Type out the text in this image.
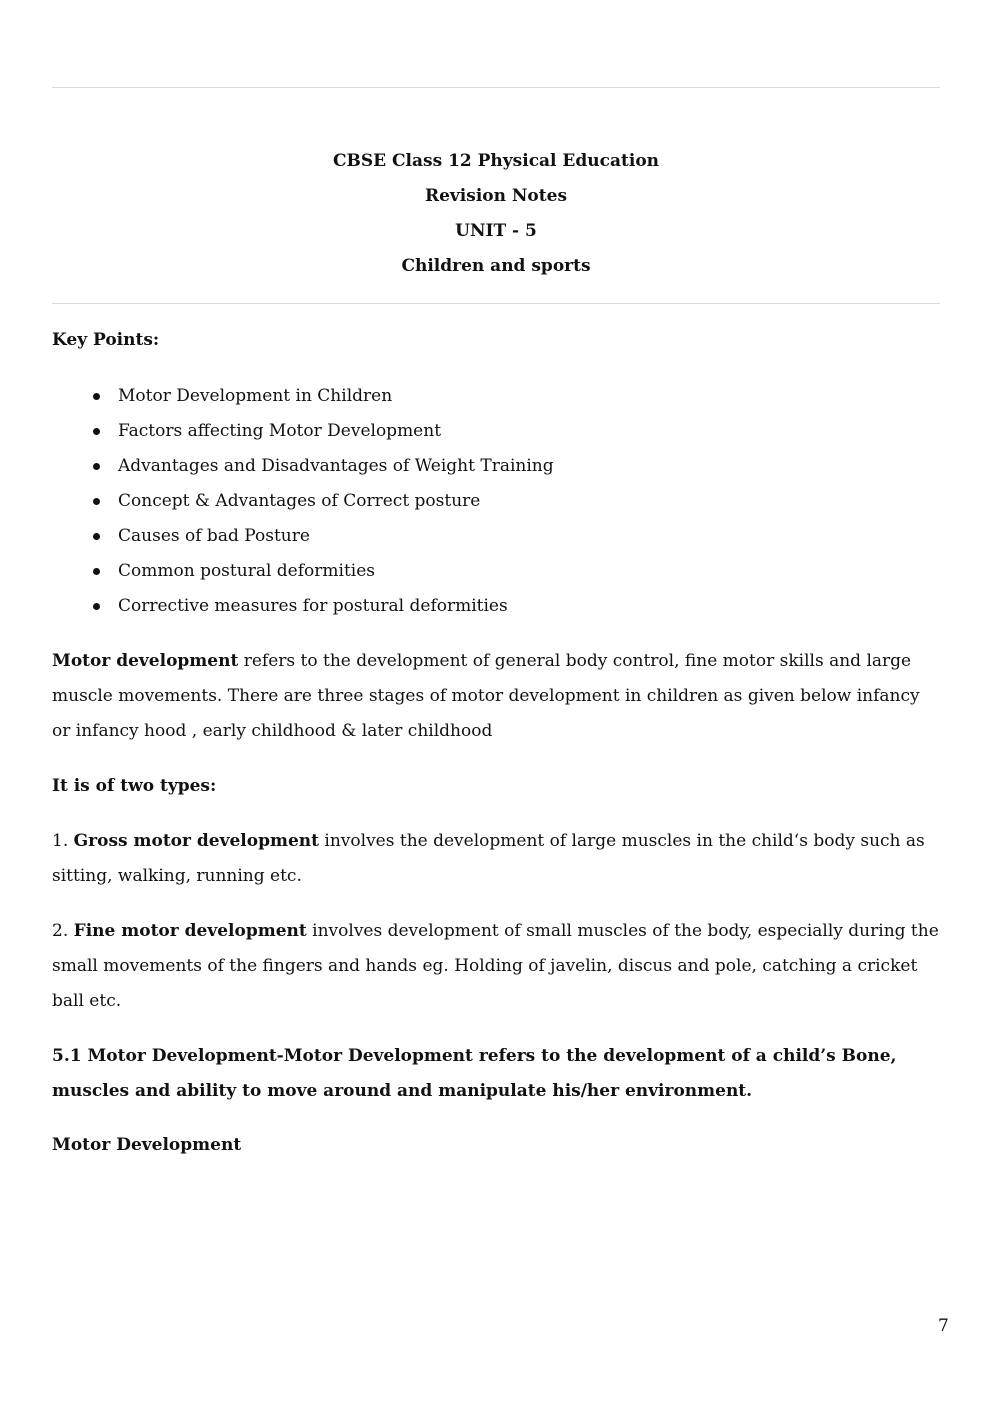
CBSE Class 12 Physical Education
Revision Notes
UNIT - 5
Children and sports
Key Points:
Motor Development in Children
Factors affecting Motor Development
Advantages and Disadvantages of Weight Training
Concept & Advantages of Correct posture
Causes of bad Posture
Common postural deformities
Corrective measures for postural deformities

Motor development refers to the development of general body control, fine motor skills and large muscle movements. There are three stages of motor development in children as given below infancy or infancy hood , early childhood & later childhood

It is of two types:

1. Gross motor development involves the development of large muscles in the child‘s body such as sitting, walking, running etc.

2. Fine motor development involves development of small muscles of the body, especially during the small movements of the fingers and hands eg. Holding of javelin, discus and pole, catching a cricket ball etc.

5.1 Motor Development-Motor Development refers to the development of a child’s Bone, muscles and ability to move around and manipulate his/her environment.

Motor Development
7
